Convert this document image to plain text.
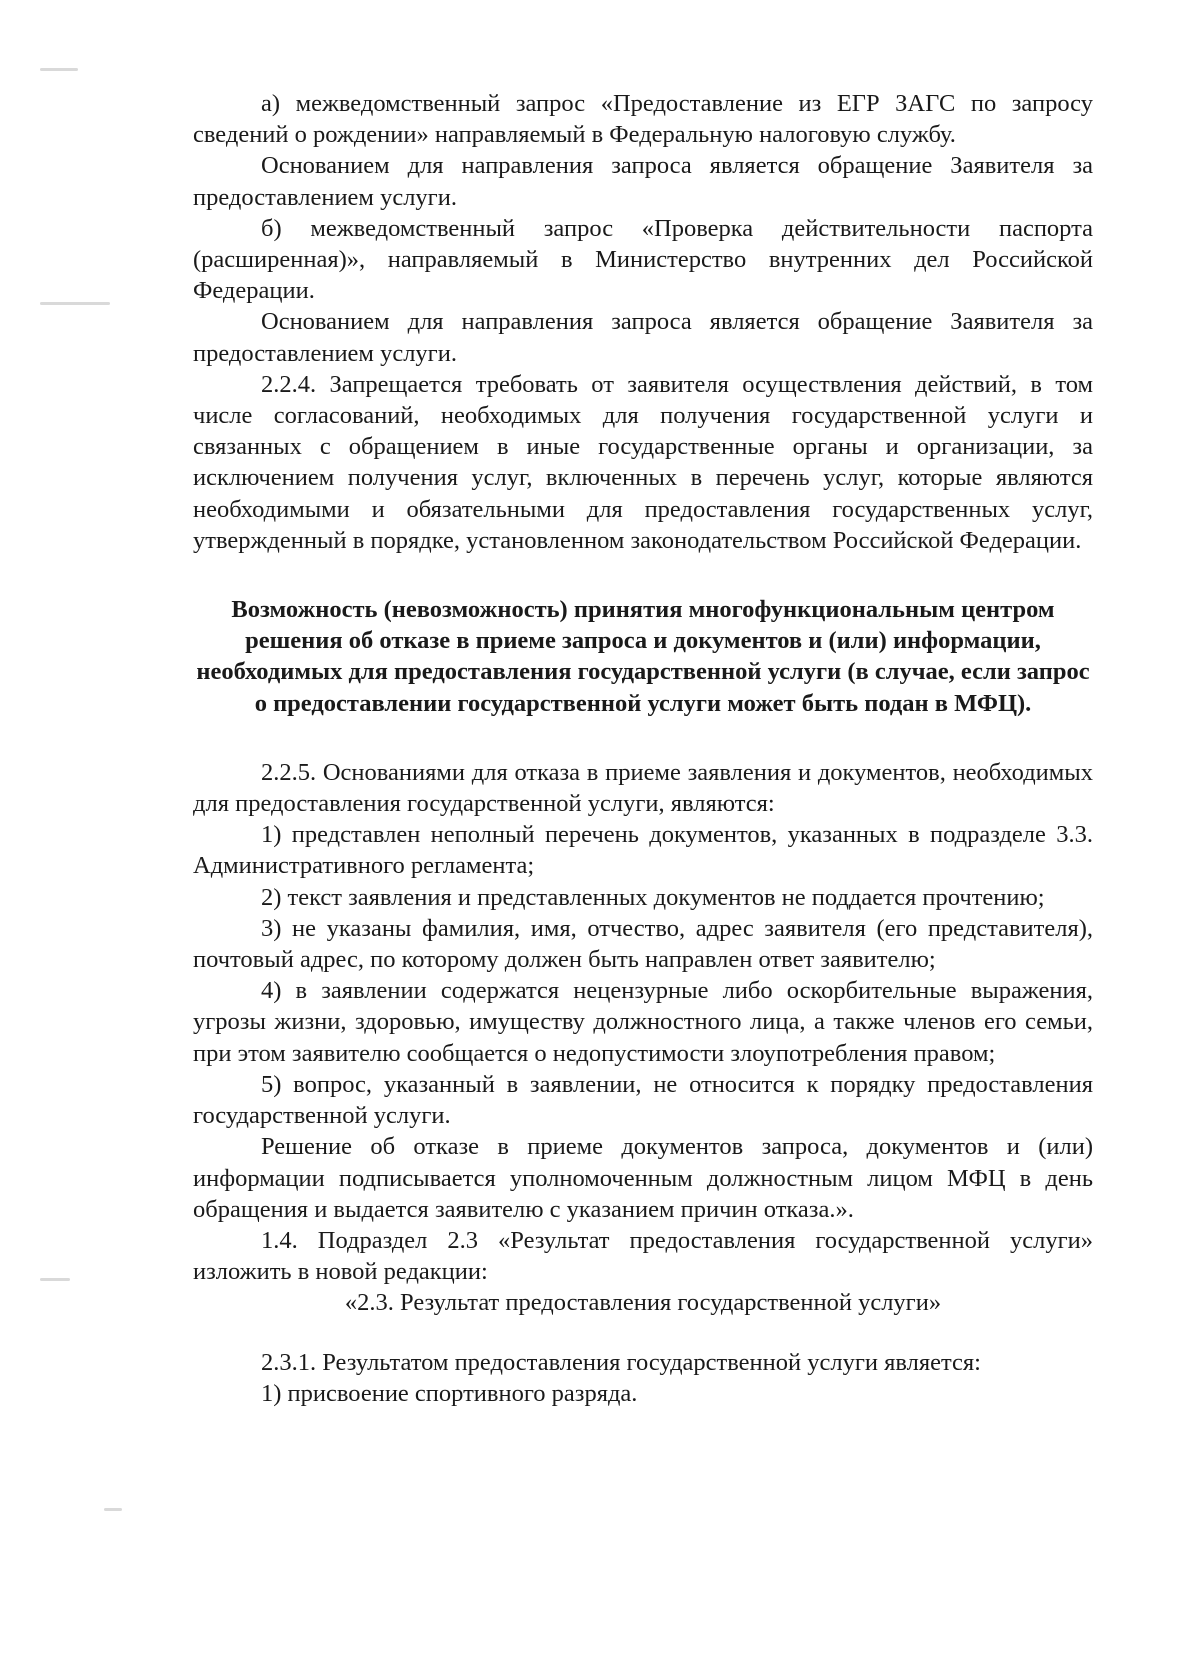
а) межведомственный запрос «Предоставление из ЕГР ЗАГС по запросу сведений о рождении» направляемый в Федеральную налоговую службу.

Основанием для направления запроса является обращение Заявителя за предоставлением услуги.

б) межведомственный запрос «Проверка действительности паспорта (расширенная)», направляемый в Министерство внутренних дел Российской Федерации.

Основанием для направления запроса является обращение Заявителя за предоставлением услуги.

2.2.4. Запрещается требовать от заявителя осуществления действий, в том числе согласований, необходимых для получения государственной услуги и связанных с обращением в иные государственные органы и организации, за исключением получения услуг, включенных в перечень услуг, которые являются необходимыми и обязательными для предоставления государственных услуг, утвержденный в порядке, установленном законодательством Российской Федерации.

Возможность (невозможность) принятия многофункциональным центром решения об отказе в приеме запроса и документов и (или) информации, необходимых для предоставления государственной услуги (в случае, если запрос о предоставлении государственной услуги может быть подан в МФЦ).

2.2.5. Основаниями для отказа в приеме заявления и документов, необходимых для предоставления государственной услуги, являются:

1) представлен неполный перечень документов, указанных в подразделе 3.3. Административного регламента;

2) текст заявления и представленных документов не поддается прочтению;

3) не указаны фамилия, имя, отчество, адрес заявителя (его представителя), почтовый адрес, по которому должен быть направлен ответ заявителю;

4) в заявлении содержатся нецензурные либо оскорбительные выражения, угрозы жизни, здоровью, имуществу должностного лица, а также членов его семьи, при этом заявителю сообщается о недопустимости злоупотребления правом;

5) вопрос, указанный в заявлении, не относится к порядку предоставления государственной услуги.

Решение об отказе в приеме документов запроса, документов и (или) информации подписывается уполномоченным должностным лицом МФЦ в день обращения и выдается заявителю с указанием причин отказа.».

1.4. Подраздел 2.3 «Результат предоставления государственной услуги» изложить в новой редакции:

«2.3. Результат предоставления государственной услуги»

2.3.1. Результатом предоставления государственной услуги является:

1) присвоение спортивного разряда.
